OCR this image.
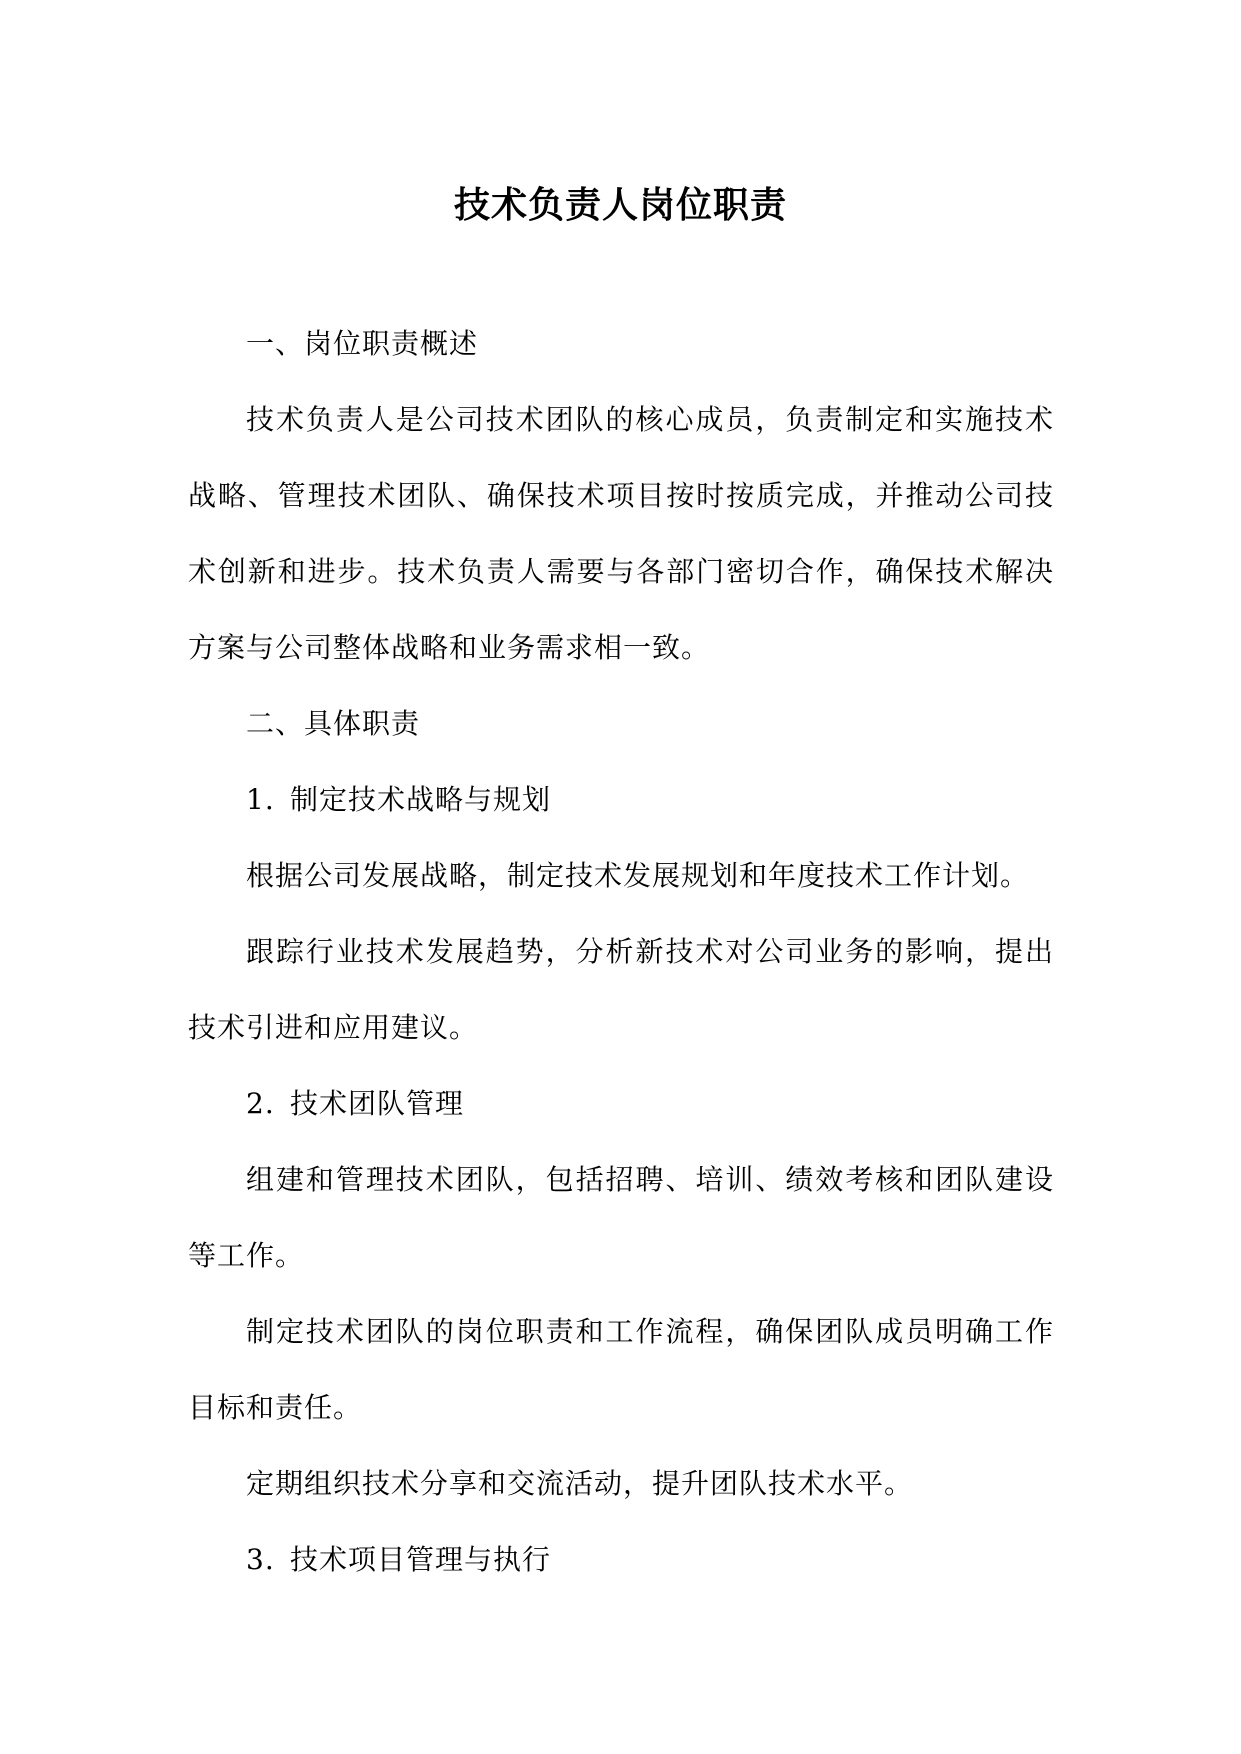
技术负责人岗位职责

一、岗位职责概述

技术负责人是公司技术团队的核心成员，负责制定和实施技术战略、管理技术团队、确保技术项目按时按质完成，并推动公司技术创新和进步。技术负责人需要与各部门密切合作，确保技术解决方案与公司整体战略和业务需求相一致。

二、具体职责

1. 制定技术战略与规划

根据公司发展战略，制定技术发展规划和年度技术工作计划。

跟踪行业技术发展趋势，分析新技术对公司业务的影响，提出技术引进和应用建议。

2. 技术团队管理

组建和管理技术团队，包括招聘、培训、绩效考核和团队建设等工作。

制定技术团队的岗位职责和工作流程，确保团队成员明确工作目标和责任。

定期组织技术分享和交流活动，提升团队技术水平。

3. 技术项目管理与执行
